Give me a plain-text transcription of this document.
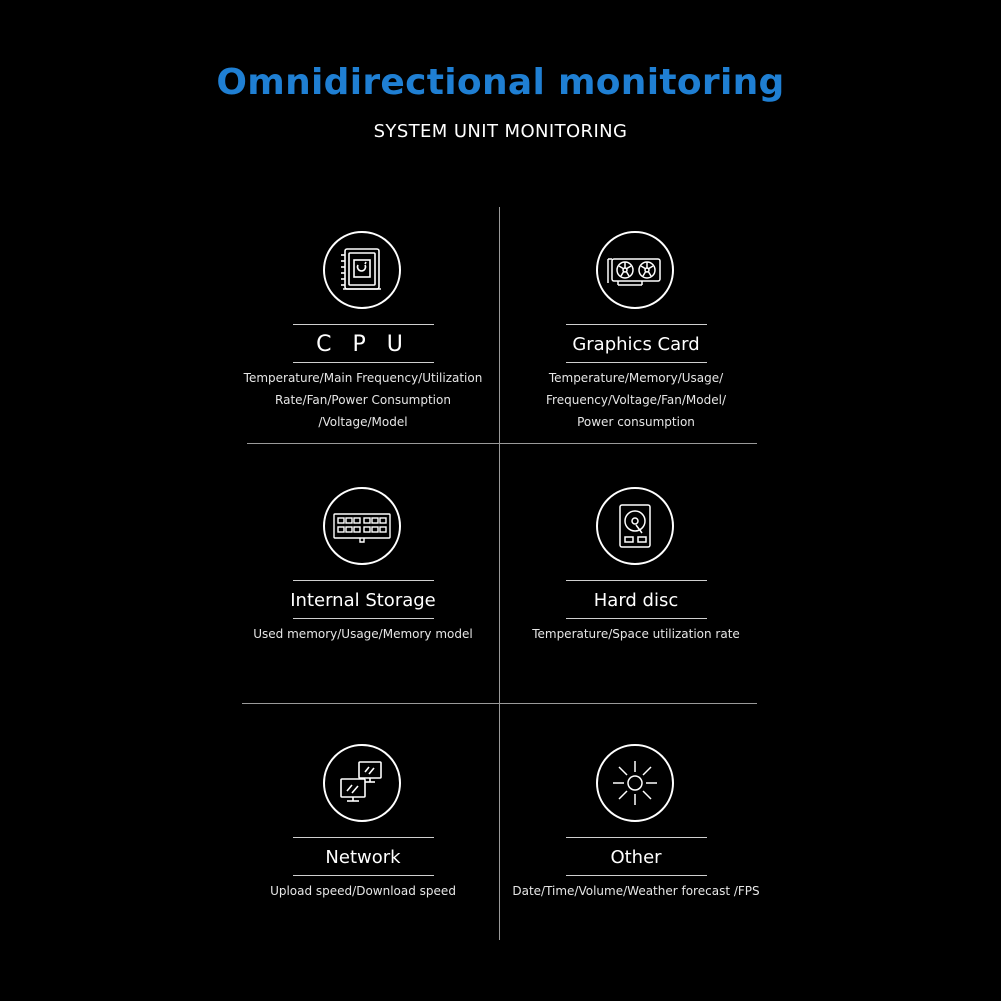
Omnidirectional monitoring
SYSTEM UNIT MONITORING
C P U
Temperature/Main Frequency/Utilization
Rate/Fan/Power Consumption
/Voltage/Model
Graphics Card
Temperature/Memory/Usage/
Frequency/Voltage/Fan/Model/
Power consumption
Internal Storage
Used memory/Usage/Memory model
Hard disc
Temperature/Space utilization rate
Network
Upload speed/Download speed
Other
Date/Time/Volume/Weather forecast /FPS
